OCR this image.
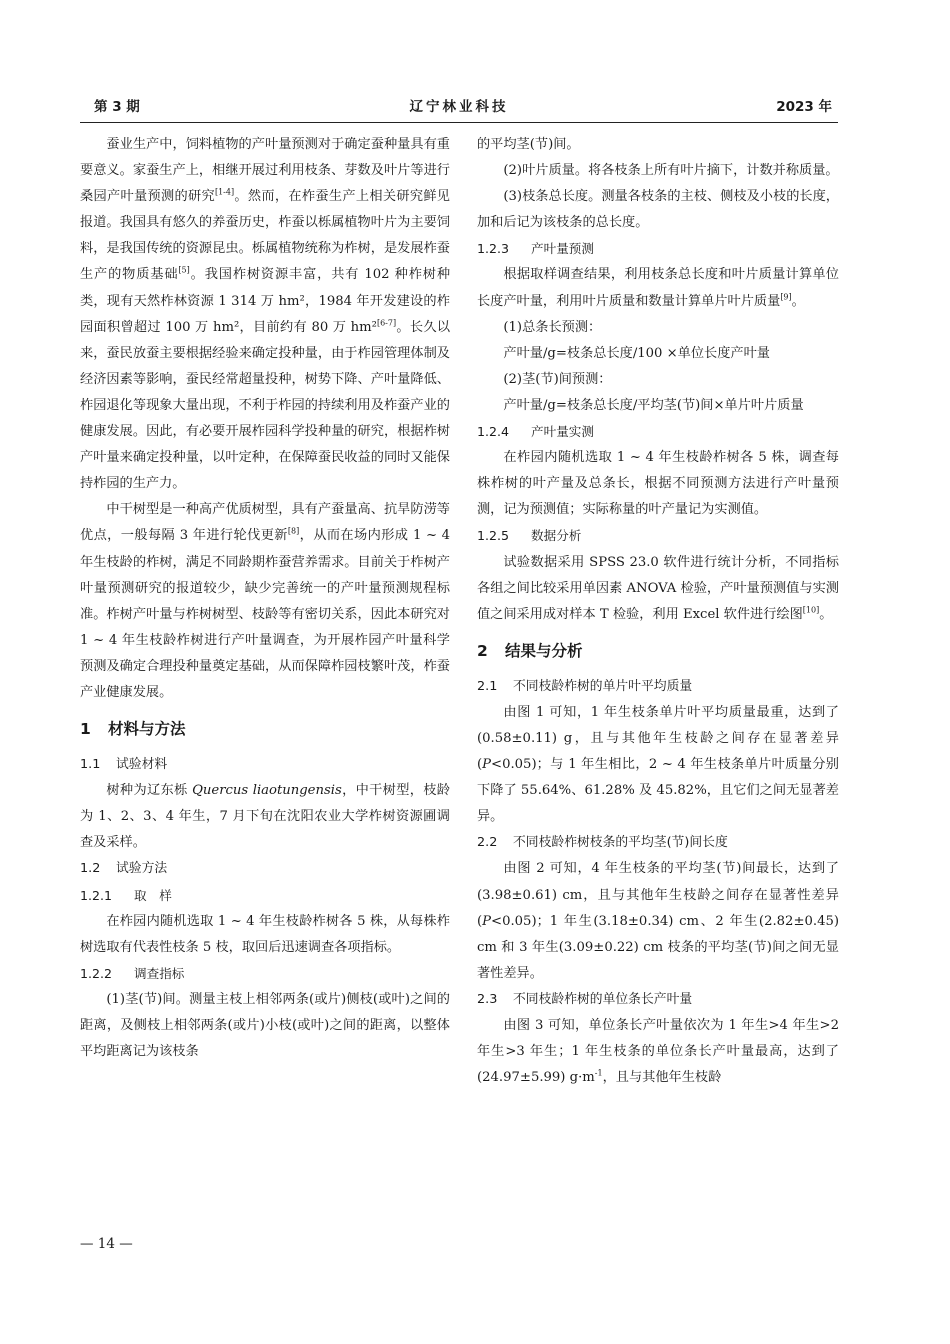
第 3 期	辽宁林业科技	2023 年

蚕业生产中，饲料植物的产叶量预测对于确定蚕种量具有重要意义。家蚕生产上，相继开展过利用枝条、芽数及叶片等进行桑园产叶量预测的研究[1-4]。然而，在柞蚕生产上相关研究鲜见报道。我国具有悠久的养蚕历史，柞蚕以栎属植物叶片为主要饲料，是我国传统的资源昆虫。栎属植物统称为柞树，是发展柞蚕生产的物质基础[5]。我国柞树资源丰富，共有 102 种柞树种类，现有天然柞林资源 1 314 万 hm²，1984 年开发建设的柞园面积曾超过 100 万 hm²，目前约有 80 万 hm²[6-7]。长久以来，蚕民放蚕主要根据经验来确定投种量，由于柞园管理体制及经济因素等影响，蚕民经常超量投种，树势下降、产叶量降低、柞园退化等现象大量出现，不利于柞园的持续利用及柞蚕产业的健康发展。因此，有必要开展柞园科学投种量的研究，根据柞树产叶量来确定投种量，以叶定种，在保障蚕民收益的同时又能保持柞园的生产力。

中干树型是一种高产优质树型，具有产蚕量高、抗旱防涝等优点，一般每隔 3 年进行轮伐更新[8]，从而在场内形成 1 ~ 4 年生枝龄的柞树，满足不同龄期柞蚕营养需求。目前关于柞树产叶量预测研究的报道较少，缺少完善统一的产叶量预测规程标准。柞树产叶量与柞树树型、枝龄等有密切关系，因此本研究对 1 ~ 4 年生枝龄柞树进行产叶量调查，为开展柞园产叶量科学预测及确定合理投种量奠定基础，从而保障柞园枝繁叶茂，柞蚕产业健康发展。

1 材料与方法
1.1 试验材料

树种为辽东栎 Quercus liaotungensis，中干树型，枝龄为 1、2、3、4 年生，7 月下旬在沈阳农业大学柞树资源圃调查及采样。

1.2 试验方法
1.2.1 取　样

在柞园内随机选取 1 ~ 4 年生枝龄柞树各 5 株，从每株柞树选取有代表性枝条 5 枝，取回后迅速调查各项指标。

1.2.2 调查指标

(1)茎(节)间。测量主枝上相邻两条(或片)侧枝(或叶)之间的距离，及侧枝上相邻两条(或片)小枝(或叶)之间的距离，以整体平均距离记为该枝条

的平均茎(节)间。

(2)叶片质量。将各枝条上所有叶片摘下，计数并称质量。

(3)枝条总长度。测量各枝条的主枝、侧枝及小枝的长度，加和后记为该枝条的总长度。

1.2.3 产叶量预测

根据取样调查结果，利用枝条总长度和叶片质量计算单位长度产叶量，利用叶片质量和数量计算单片叶片质量[9]。

(1)总条长预测：

产叶量/g=枝条总长度/100 ×单位长度产叶量

(2)茎(节)间预测：

产叶量/g=枝条总长度/平均茎(节)间×单片叶片质量

1.2.4 产叶量实测

在柞园内随机选取 1 ~ 4 年生枝龄柞树各 5 株，调查每株柞树的叶产量及总条长，根据不同预测方法进行产叶量预测，记为预测值；实际称量的叶产量记为实测值。

1.2.5 数据分析

试验数据采用 SPSS 23.0 软件进行统计分析，不同指标各组之间比较采用单因素 ANOVA 检验，产叶量预测值与实测值之间采用成对样本 T 检验，利用 Excel 软件进行绘图[10]。

2 结果与分析
2.1 不同枝龄柞树的单片叶平均质量

由图 1 可知，1 年生枝条单片叶平均质量最重，达到了(0.58±0.11) g，且与其他年生枝龄之间存在显著差异(P<0.05)；与 1 年生相比，2 ~ 4 年生枝条单片叶质量分别下降了 55.64%、61.28% 及 45.82%，且它们之间无显著差异。

2.2 不同枝龄柞树枝条的平均茎(节)间长度

由图 2 可知，4 年生枝条的平均茎(节)间最长，达到了(3.98±0.61) cm，且与其他年生枝龄之间存在显著性差异(P<0.05)；1 年生(3.18±0.34) cm、2 年生(2.82±0.45) cm 和 3 年生(3.09±0.22) cm 枝条的平均茎(节)间之间无显著性差异。

2.3 不同枝龄柞树的单位条长产叶量

由图 3 可知，单位条长产叶量依次为 1 年生>4 年生>2 年生>3 年生；1 年生枝条的单位条长产叶量最高，达到了(24.97±5.99) $g\cdot m^{-1}$，且与其他年生枝龄

— 14 —
